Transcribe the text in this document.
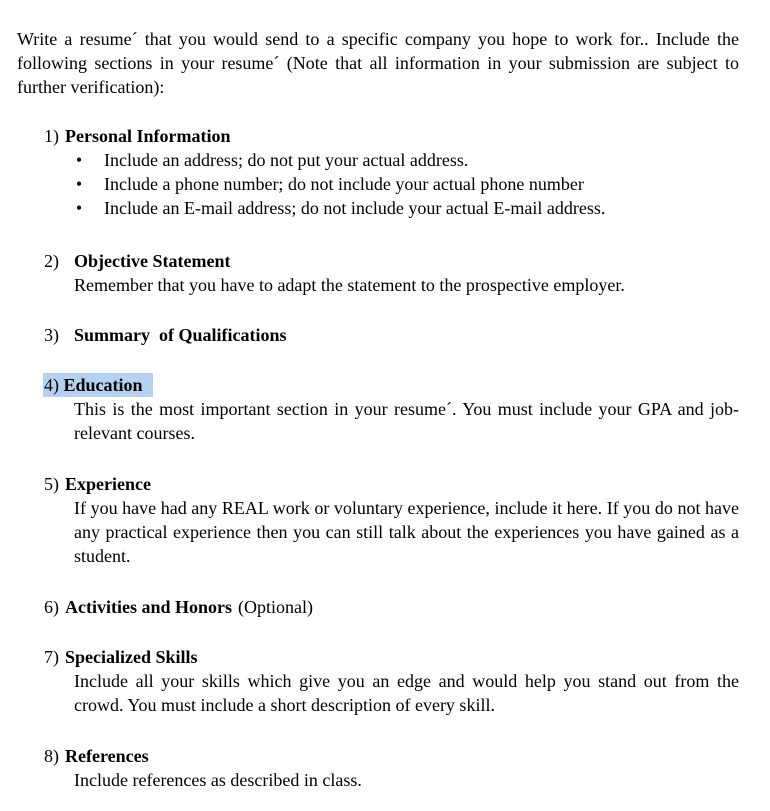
Write a resume´ that you would send to a specific company you hope to work for.. Include the following sections in your resume´ (Note that all information in your submission are subject to further verification):

1) Personal Information
• Include an address; do not put your actual address.
• Include a phone number; do not include your actual phone number
• Include an E-mail address; do not include your actual E-mail address.
2) Objective Statement
Remember that you have to adapt the statement to the prospective employer.
3) Summary  of Qualifications
4) Education
This is the most important section in your resume´. You must include your GPA and job-relevant courses.
5) Experience
If you have had any REAL work or voluntary experience, include it here. If you do not have any practical experience then you can still talk about the experiences you have gained as a student.
6) Activities and Honors (Optional)
7) Specialized Skills
Include all your skills which give you an edge and would help you stand out from the crowd. You must include a short description of every skill.
8) References
Include references as described in class.
